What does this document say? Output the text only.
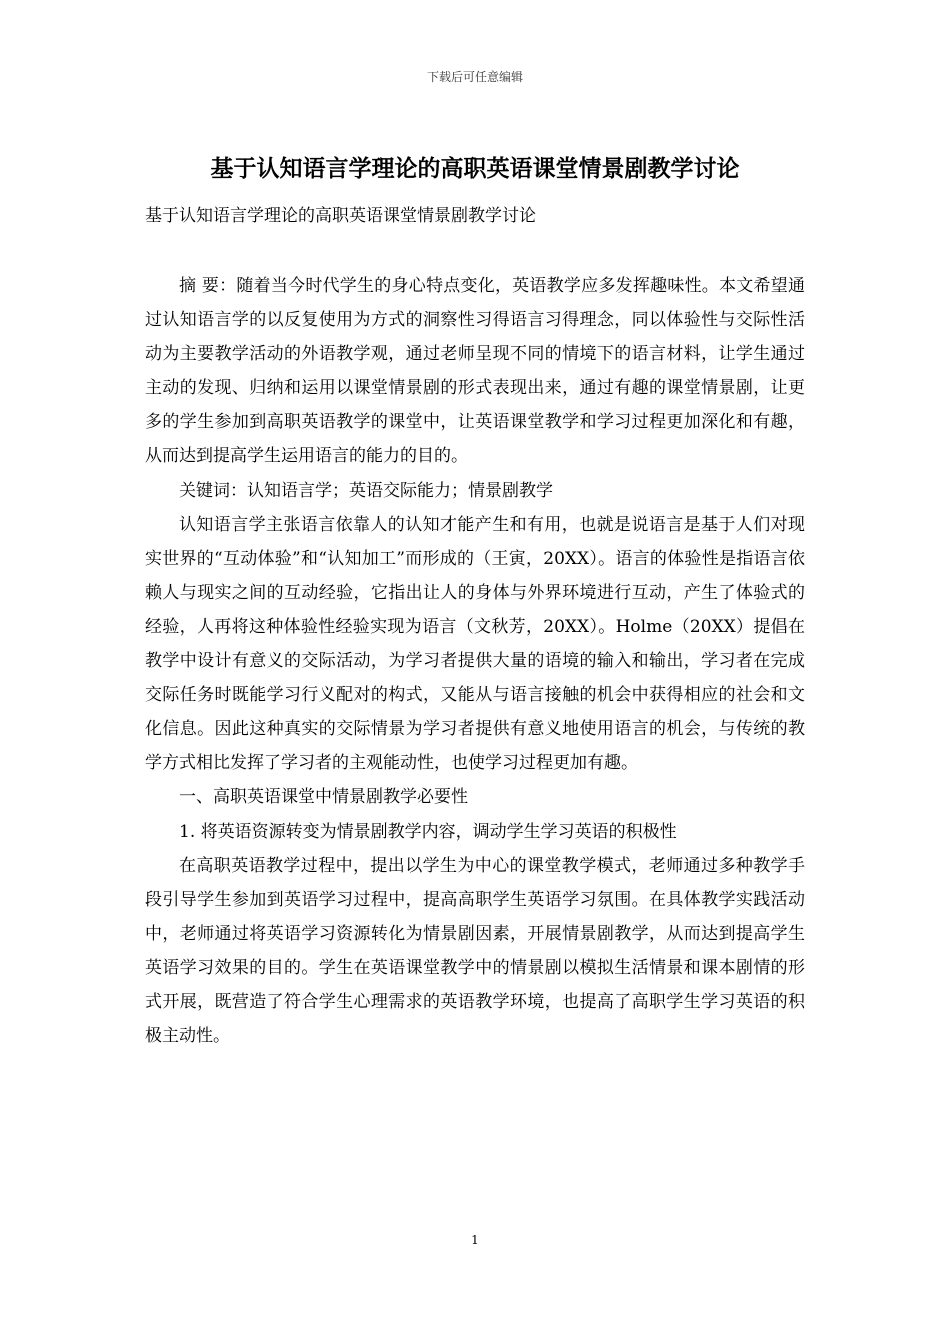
下载后可任意编辑
基于认知语言学理论的高职英语课堂情景剧教学讨论
基于认知语言学理论的高职英语课堂情景剧教学讨论

摘 要：随着当今时代学生的身心特点变化，英语教学应多发挥趣味性。本文希望通过认知语言学的以反复使用为方式的洞察性习得语言习得理念，同以体验性与交际性活动为主要教学活动的外语教学观，通过老师呈现不同的情境下的语言材料，让学生通过主动的发现、归纳和运用以课堂情景剧的形式表现出来，通过有趣的课堂情景剧，让更多的学生参加到高职英语教学的课堂中，让英语课堂教学和学习过程更加深化和有趣，从而达到提高学生运用语言的能力的目的。

关键词：认知语言学；英语交际能力；情景剧教学

认知语言学主张语言依靠人的认知才能产生和有用，也就是说语言是基于人们对现实世界的“互动体验”和“认知加工”而形成的（王寅，20XX）。语言的体验性是指语言依赖人与现实之间的互动经验，它指出让人的身体与外界环境进行互动，产生了体验式的经验，人再将这种体验性经验实现为语言（文秋芳，20XX）。Holme（20XX）提倡在教学中设计有意义的交际活动，为学习者提供大量的语境的输入和输出，学习者在完成交际任务时既能学习行义配对的构式，又能从与语言接触的机会中获得相应的社会和文化信息。因此这种真实的交际情景为学习者提供有意义地使用语言的机会，与传统的教学方式相比发挥了学习者的主观能动性，也使学习过程更加有趣。

一、高职英语课堂中情景剧教学必要性

1. 将英语资源转变为情景剧教学内容，调动学生学习英语的积极性

在高职英语教学过程中，提出以学生为中心的课堂教学模式，老师通过多种教学手段引导学生参加到英语学习过程中，提高高职学生英语学习氛围。在具体教学实践活动中，老师通过将英语学习资源转化为情景剧因素，开展情景剧教学，从而达到提高学生英语学习效果的目的。学生在英语课堂教学中的情景剧以模拟生活情景和课本剧情的形式开展，既营造了符合学生心理需求的英语教学环境，也提高了高职学生学习英语的积极主动性。

1
